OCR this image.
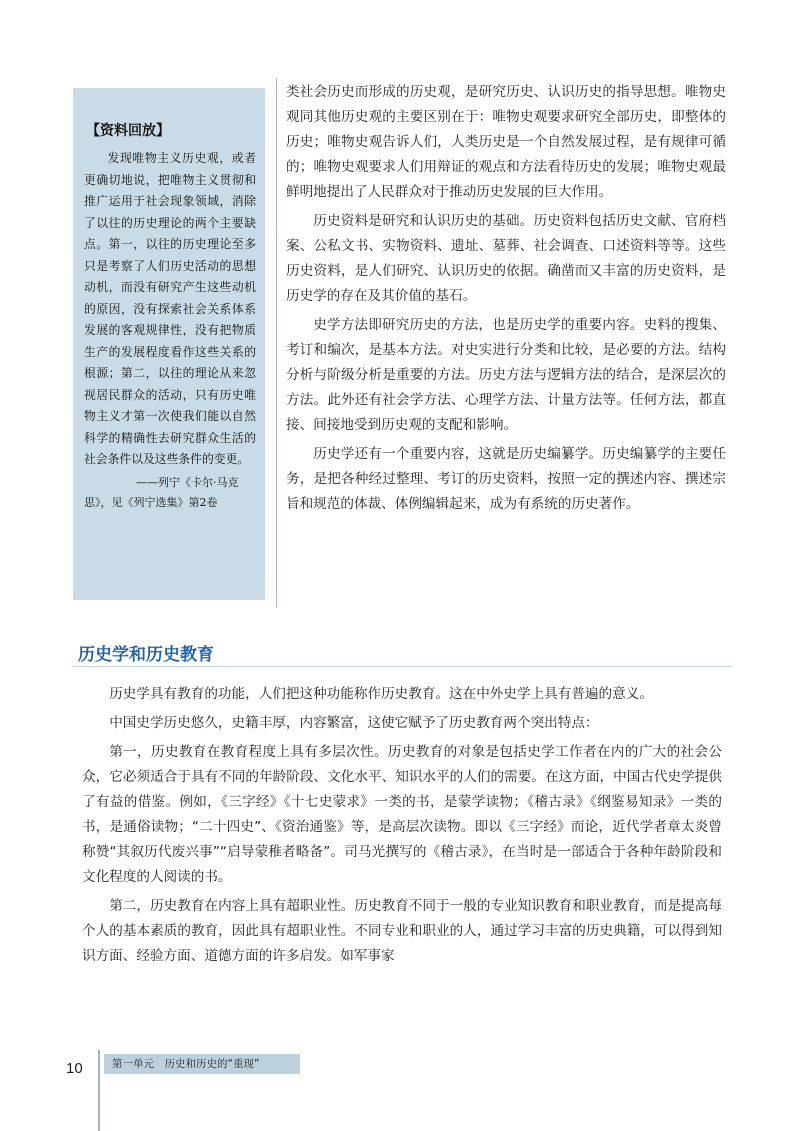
【资料回放】

发现唯物主义历史观，或者更确切地说，把唯物主义贯彻和推广运用于社会现象领域，消除了以往的历史理论的两个主要缺点。第一，以往的历史理论至多只是考察了人们历史活动的思想动机，而没有研究产生这些动机的原因，没有探索社会关系体系发展的客观规律性，没有把物质生产的发展程度看作这些关系的根源；第二，以往的理论从来忽视居民群众的活动，只有历史唯物主义才第一次使我们能以自然科学的精确性去研究群众生活的社会条件以及这些条件的变更。

——列宁《卡尔·马克
思》，见《列宁选集》第2卷

类社会历史而形成的历史观，是研究历史、认识历史的指导思想。唯物史观同其他历史观的主要区别在于：唯物史观要求研究全部历史，即整体的历史；唯物史观告诉人们，人类历史是一个自然发展过程，是有规律可循的；唯物史观要求人们用辩证的观点和方法看待历史的发展；唯物史观最鲜明地提出了人民群众对于推动历史发展的巨大作用。

历史资料是研究和认识历史的基础。历史资料包括历史文献、官府档案、公私文书、实物资料、遗址、墓葬、社会调查、口述资料等等。这些历史资料，是人们研究、认识历史的依据。确凿而又丰富的历史资料，是历史学的存在及其价值的基石。

史学方法即研究历史的方法，也是历史学的重要内容。史料的搜集、考订和编次，是基本方法。对史实进行分类和比较，是必要的方法。结构分析与阶级分析是重要的方法。历史方法与逻辑方法的结合，是深层次的方法。此外还有社会学方法、心理学方法、计量方法等。任何方法，都直接、间接地受到历史观的支配和影响。

历史学还有一个重要内容，这就是历史编纂学。历史编纂学的主要任务，是把各种经过整理、考订的历史资料，按照一定的撰述内容、撰述宗旨和规范的体裁、体例编辑起来，成为有系统的历史著作。

历史学和历史教育

历史学具有教育的功能，人们把这种功能称作历史教育。这在中外史学上具有普遍的意义。

中国史学历史悠久，史籍丰厚，内容繁富，这使它赋予了历史教育两个突出特点：

第一，历史教育在教育程度上具有多层次性。历史教育的对象是包括史学工作者在内的广大的社会公众，它必须适合于具有不同的年龄阶段、文化水平、知识水平的人们的需要。在这方面，中国古代史学提供了有益的借鉴。例如，《三字经》《十七史蒙求》一类的书，是蒙学读物；《稽古录》《纲鉴易知录》一类的书，是通俗读物；“二十四史”、《资治通鉴》等，是高层次读物。即以《三字经》而论，近代学者章太炎曾称赞“其叙历代废兴事”“启导蒙稚者略备”。司马光撰写的《稽古录》，在当时是一部适合于各种年龄阶段和文化程度的人阅读的书。

第二，历史教育在内容上具有超职业性。历史教育不同于一般的专业知识教育和职业教育，而是提高每个人的基本素质的教育，因此具有超职业性。不同专业和职业的人，通过学习丰富的历史典籍，可以得到知识方面、经验方面、道德方面的许多启发。如军事家

10	第一单元　历史和历史的“重现”
